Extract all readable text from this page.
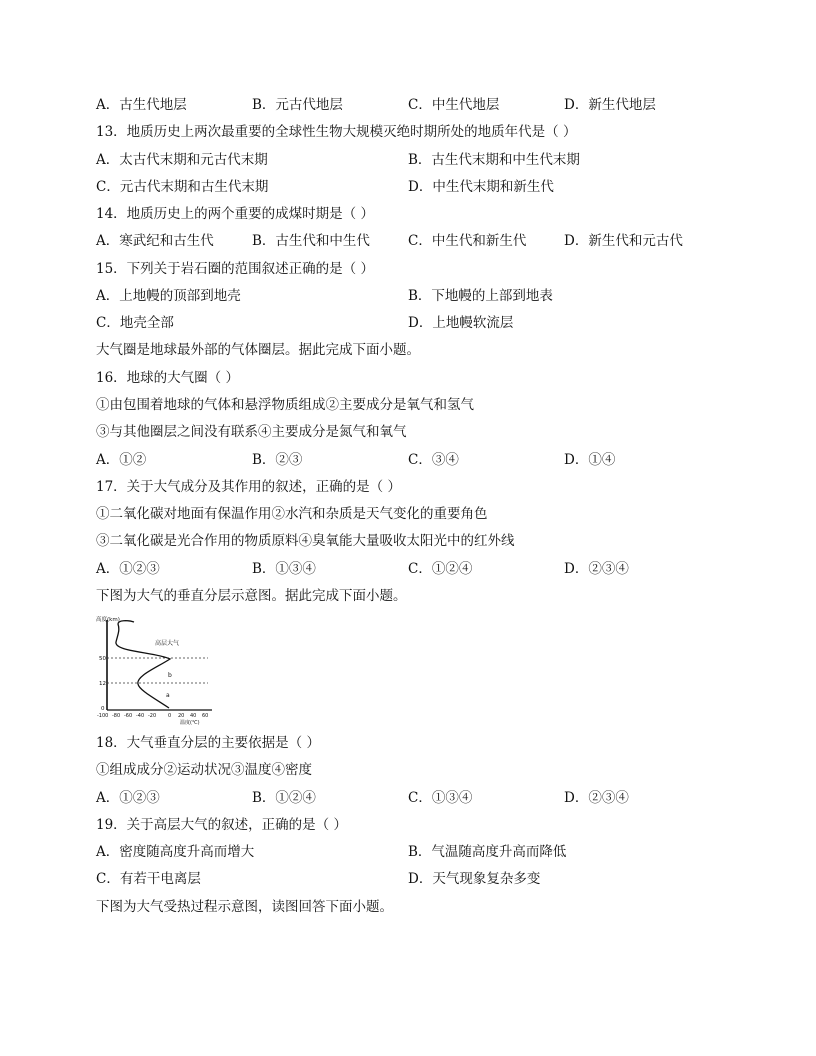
A．古生代地层	B．元古代地层	C．中生代地层	D．新生代地层
13．地质历史上两次最重要的全球性生物大规模灭绝时期所处的地质年代是（ ）
A．太古代末期和元古代末期	B．古生代末期和中生代末期
C．元古代末期和古生代末期	D．中生代末期和新生代
14．地质历史上的两个重要的成煤时期是（ ）
A．寒武纪和古生代	B．古生代和中生代	C．中生代和新生代	D．新生代和元古代
15．下列关于岩石圈的范围叙述正确的是（ ）
A．上地幔的顶部到地壳	B．下地幔的上部到地表
C．地壳全部	D．上地幔软流层
大气圈是地球最外部的气体圈层。据此完成下面小题。
16．地球的大气圈（ ）
①由包围着地球的气体和悬浮物质组成②主要成分是氧气和氢气
③与其他圈层之间没有联系④主要成分是氮气和氧气
A．①②	B．②③	C．③④	D．①④
17．关于大气成分及其作用的叙述，正确的是（ ）
①二氧化碳对地面有保温作用②水汽和杂质是天气变化的重要角色
③二氧化碳是光合作用的物质原料④臭氧能大量吸收太阳光中的红外线
A．①②③	B．①③④	C．①②④	D．②③④
下图为大气的垂直分层示意图。据此完成下面小题。
高度(km)
50
12
0
高层大气
b
a
-100 -80 -60 -40 -20 0 20 40 60
温度(℃)
18．大气垂直分层的主要依据是（ ）
①组成成分②运动状况③温度④密度
A．①②③	B．①②④	C．①③④	D．②③④
19．关于高层大气的叙述，正确的是（ ）
A．密度随高度升高而增大	B．气温随高度升高而降低
C．有若干电离层	D．天气现象复杂多变
下图为大气受热过程示意图，读图回答下面小题。
